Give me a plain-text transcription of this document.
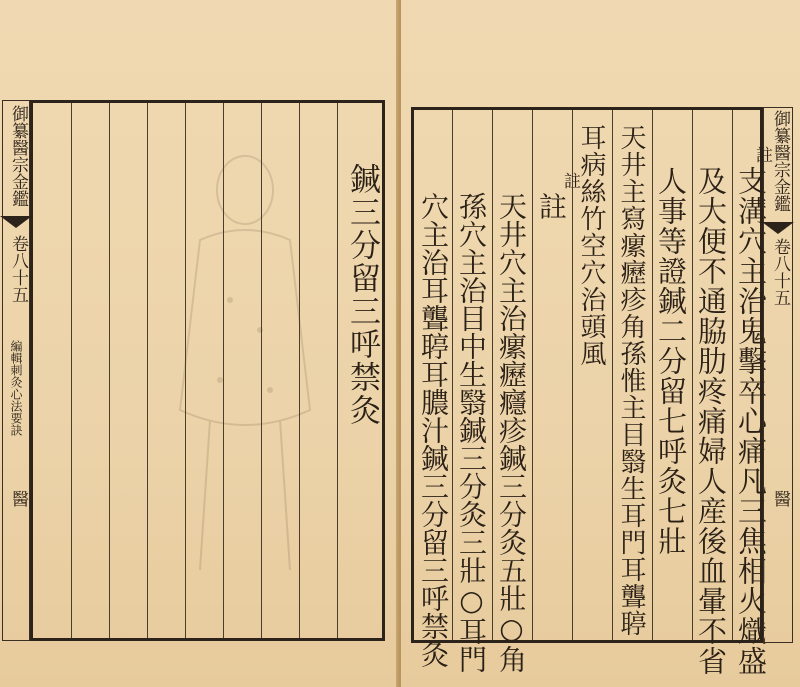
鍼三分留三呼禁灸
御纂醫宗金鑑
卷八十五
編輯刺灸心法要訣
醫
註
支溝穴主治鬼擊卒心痛凡三焦相火熾盛
及大便不通脇肋疼痛婦人産後血暈不省
人事等證鍼二分留七呼灸七壯
天井主寫瘰癧疹角孫惟主目翳生耳門耳聾聤
耳病絲竹空穴治頭風
註
註
天井穴主治瘰癧癮疹鍼三分灸五壯○角
孫穴主治目中生翳鍼三分灸三壯○耳門
穴主治耳聾聤耳膿汁鍼三分留三呼禁灸
御纂醫宗金鑑
卷八十五
醫
